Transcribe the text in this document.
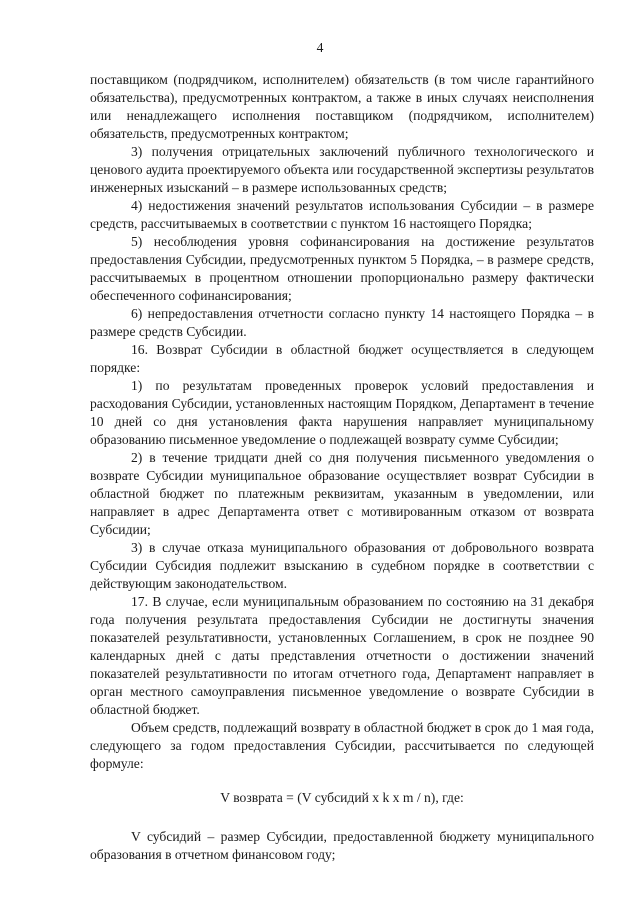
4

поставщиком (подрядчиком, исполнителем) обязательств (в том числе гарантийного обязательства), предусмотренных контрактом, а также в иных случаях неисполнения или ненадлежащего исполнения поставщиком (подрядчиком, исполнителем) обязательств, предусмотренных контрактом;

3) получения отрицательных заключений публичного технологического и ценового аудита проектируемого объекта или государственной экспертизы результатов инженерных изысканий – в размере использованных средств;

4) недостижения значений результатов использования Субсидии – в размере средств, рассчитываемых в соответствии с пунктом 16 настоящего Порядка;

5) несоблюдения уровня софинансирования на достижение результатов предоставления Субсидии, предусмотренных пунктом 5 Порядка, – в размере средств, рассчитываемых в процентном отношении пропорционально размеру фактически обеспеченного софинансирования;

6) непредоставления отчетности согласно пункту 14 настоящего Порядка – в размере средств Субсидии.

16. Возврат Субсидии в областной бюджет осуществляется в следующем порядке:

1) по результатам проведенных проверок условий предоставления и расходования Субсидии, установленных настоящим Порядком, Департамент в течение 10 дней со дня установления факта нарушения направляет муниципальному образованию письменное уведомление о подлежащей возврату сумме Субсидии;

2) в течение тридцати дней со дня получения письменного уведомления о возврате Субсидии муниципальное образование осуществляет возврат Субсидии в областной бюджет по платежным реквизитам, указанным в уведомлении, или направляет в адрес Департамента ответ с мотивированным отказом от возврата Субсидии;

3) в случае отказа муниципального образования от добровольного возврата Субсидии Субсидия подлежит взысканию в судебном порядке в соответствии с действующим законодательством.

17. В случае, если муниципальным образованием по состоянию на 31 декабря года получения результата предоставления Субсидии не достигнуты значения показателей результативности, установленных Соглашением, в срок не позднее 90 календарных дней с даты представления отчетности о достижении значений показателей результативности по итогам отчетного года, Департамент направляет в орган местного самоуправления письменное уведомление о возврате Субсидии в областной бюджет.

Объем средств, подлежащий возврату в областной бюджет в срок до 1 мая года, следующего за годом предоставления Субсидии, рассчитывается по следующей формуле:

V возврата = (V субсидий х k х m / n), где:

V субсидий – размер Субсидии, предоставленной бюджету муниципального образования в отчетном финансовом году;
